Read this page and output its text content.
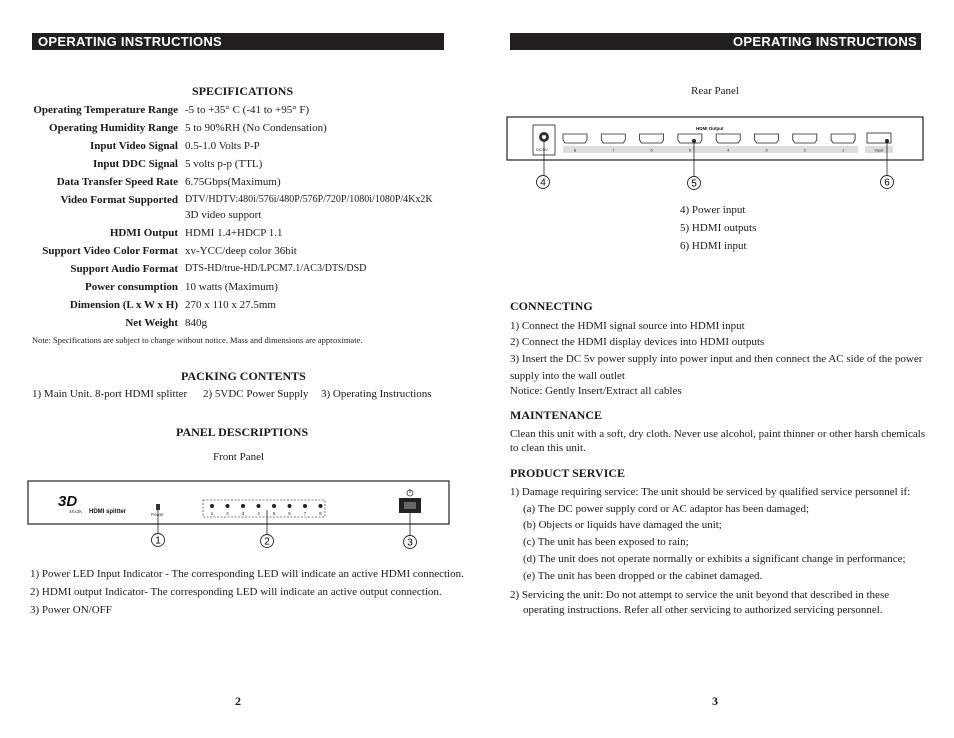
OPERATING INSTRUCTIONS	OPERATING INSTRUCTIONS
SPECIFICATIONS
Operating Temperature Range -5 to +35° C (-41 to +95° F)
Operating Humidity Range 5 to 90%RH (No Condensation)
Input Video Signal 0.5-1.0 Volts P-P
Input DDC Signal 5 volts p-p (TTL)
Data Transfer Speed Rate 6.75Gbps(Maximum)
Video Format Supported DTV/HDTV:480i/576i/480P/576P/720P/1080i/1080P/4Kx2K
3D video support
HDMI Output HDMI 1.4+HDCP 1.1
Support Video Color Format xv-YCC/deep color 36bit
Support Audio Format DTS-HD/true-HD/LPCM7.1/AC3/DTS/DSD
Power consumption 10 watts (Maximum)
Dimension (L x W x H) 270 x 110 x 27.5mm
Net Weight 840g
Note: Specifications are subject to change without notice. Mass and dimensions are approximate.
PACKING CONTENTS
1) Main Unit. 8-port HDMI splitter 2) 5VDC Power Supply 3) Operating Instructions
PANEL DESCRIPTIONS
Front Panel
3D
4Kx2K HDMI splitter	Power	1	2	3	4	5	6	7	8
1	2	3
1) Power LED Input Indicator - The corresponding LED will indicate an active HDMI connection.
2) HDMI output Indicator- The corresponding LED will indicate an active output connection.
3) Power ON/OFF
2
Rear Panel
DC/5V
HDMI Output
8	7	6	5	4	3	2	1	Input
4	5	6
4) Power input
5) HDMI outputs
6) HDMI input
CONNECTING
1) Connect the HDMI signal source into HDMI input
2) Connect the HDMI display devices into HDMI outputs
3) Insert the DC 5v power supply into power input and then connect the AC side of the power
supply into the wall outlet
Notice: Gently Insert/Extract all cables
MAINTENANCE
Clean this unit with a soft, dry cloth. Never use alcohol, paint thinner or other harsh chemicals
to clean this unit.
PRODUCT SERVICE
1) Damage requiring service: The unit should be serviced by qualified service personnel if:
(a) The DC power supply cord or AC adaptor has been damaged;
(b) Objects or liquids have damaged the unit;
(c) The unit has been exposed to rain;
(d) The unit does not operate normally or exhibits a significant change in performance;
(e) The unit has been dropped or the cabinet damaged.
2) Servicing the unit: Do not attempt to service the unit beyond that described in these
operating instructions. Refer all other servicing to authorized servicing personnel.
3
